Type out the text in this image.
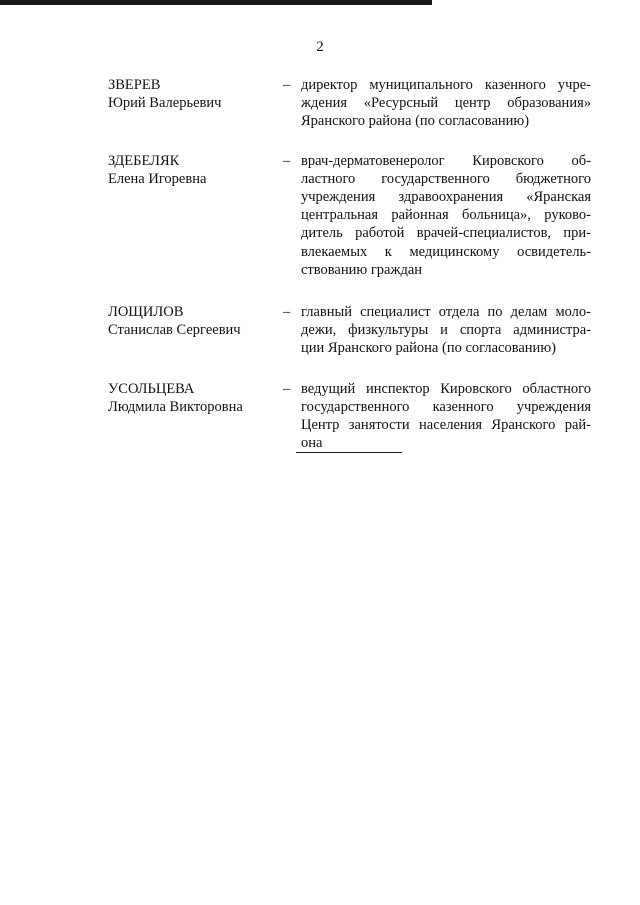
2
ЗВЕРЕВ
Юрий Валерьевич
– директор муниципального казенного учре-
ждения «Ресурсный центр образования»
Яранского района (по согласованию)
ЗДЕБЕЛЯК
Елена Игоревна
– врач-дерматовенеролог Кировского об-
ластного государственного бюджетного
учреждения здравоохранения «Яранская
центральная районная больница», руково-
дитель работой врачей-специалистов, при-
влекаемых к медицинскому освидетель-
ствованию граждан
ЛОЩИЛОВ
Станислав Сергеевич
– главный специалист отдела по делам моло-
дежи, физкультуры и спорта администра-
ции Яранского района (по согласованию)
УСОЛЬЦЕВА
Людмила Викторовна
– ведущий инспектор Кировского областного
государственного казенного учреждения
Центр занятости населения Яранского рай-
она
